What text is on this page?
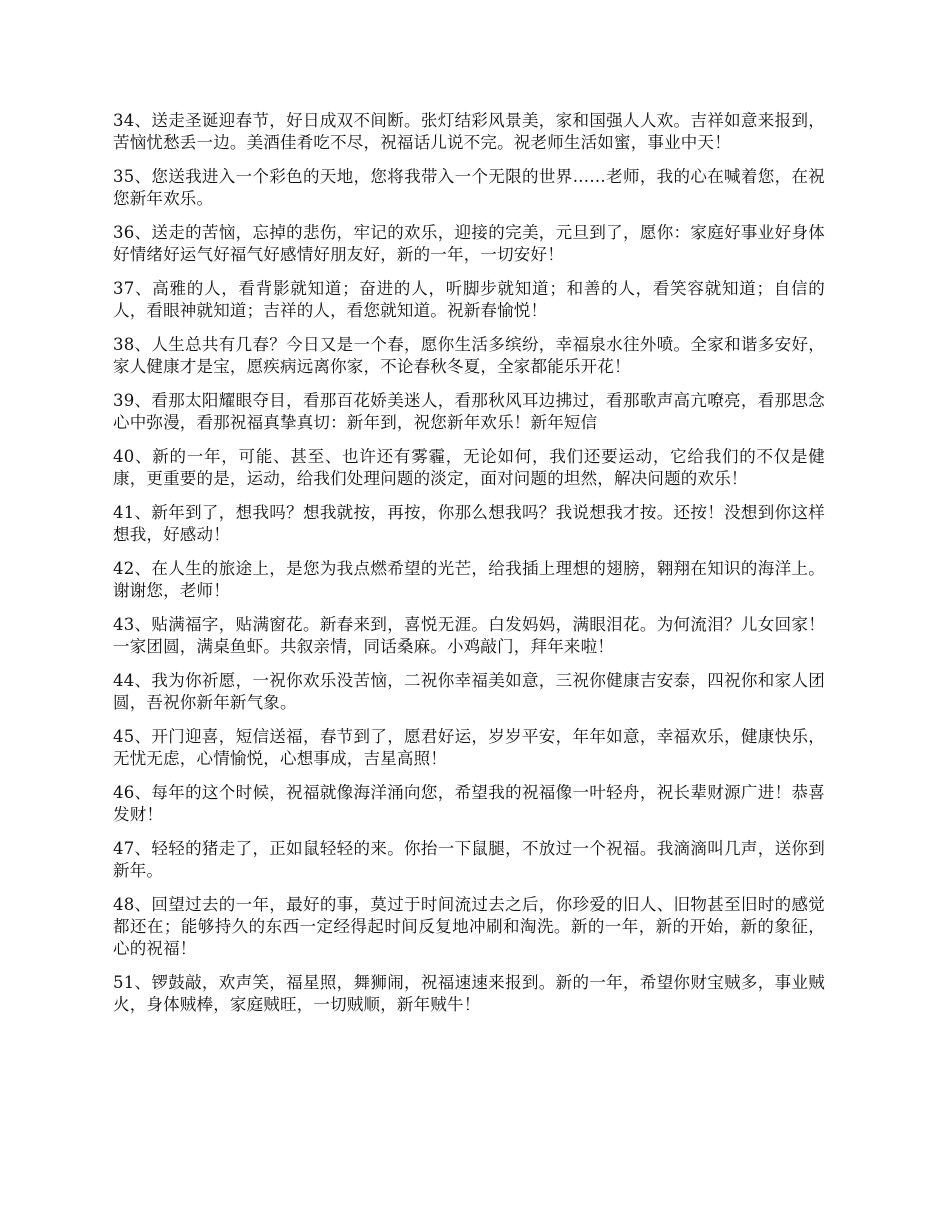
34、送走圣诞迎春节，好日成双不间断。张灯结彩风景美，家和国强人人欢。吉祥如意来报到，苦恼忧愁丢一边。美酒佳肴吃不尽，祝福话儿说不完。祝老师生活如蜜，事业中天！

35、您送我进入一个彩色的天地，您将我带入一个无限的世界……老师，我的心在喊着您，在祝您新年欢乐。

36、送走的苦恼，忘掉的悲伤，牢记的欢乐，迎接的完美，元旦到了，愿你：家庭好事业好身体好情绪好运气好福气好感情好朋友好，新的一年，一切安好！

37、高雅的人，看背影就知道；奋进的人，听脚步就知道；和善的人，看笑容就知道；自信的人，看眼神就知道；吉祥的人，看您就知道。祝新春愉悦！

38、人生总共有几春？今日又是一个春，愿你生活多缤纷，幸福泉水往外喷。全家和谐多安好，家人健康才是宝，愿疾病远离你家，不论春秋冬夏，全家都能乐开花！

39、看那太阳耀眼夺目，看那百花娇美迷人，看那秋风耳边拂过，看那歌声高亢嘹亮，看那思念心中弥漫，看那祝福真挚真切：新年到，祝您新年欢乐！新年短信

40、新的一年，可能、甚至、也许还有雾霾，无论如何，我们还要运动，它给我们的不仅是健康，更重要的是，运动，给我们处理问题的淡定，面对问题的坦然，解决问题的欢乐！

41、新年到了，想我吗？想我就按，再按，你那么想我吗？我说想我才按。还按！没想到你这样想我，好感动！

42、在人生的旅途上，是您为我点燃希望的光芒，给我插上理想的翅膀，翱翔在知识的海洋上。谢谢您，老师！

43、贴满福字，贴满窗花。新春来到，喜悦无涯。白发妈妈，满眼泪花。为何流泪？儿女回家！一家团圆，满桌鱼虾。共叙亲情，同话桑麻。小鸡敲门，拜年来啦！

44、我为你祈愿，一祝你欢乐没苦恼，二祝你幸福美如意，三祝你健康吉安泰，四祝你和家人团圆，吾祝你新年新气象。

45、开门迎喜，短信送福，春节到了，愿君好运，岁岁平安，年年如意，幸福欢乐，健康快乐，无忧无虑，心情愉悦，心想事成，吉星高照！

46、每年的这个时候，祝福就像海洋涌向您，希望我的祝福像一叶轻舟，祝长辈财源广进！恭喜发财！

47、轻轻的猪走了，正如鼠轻轻的来。你抬一下鼠腿，不放过一个祝福。我滴滴叫几声，送你到新年。

48、回望过去的一年，最好的事，莫过于时间流过去之后，你珍爱的旧人、旧物甚至旧时的感觉都还在；能够持久的东西一定经得起时间反复地冲刷和淘洗。新的一年，新的开始，新的象征，心的祝福！

51、锣鼓敲，欢声笑，福星照，舞狮闹，祝福速速来报到。新的一年，希望你财宝贼多，事业贼火，身体贼棒，家庭贼旺，一切贼顺，新年贼牛！
